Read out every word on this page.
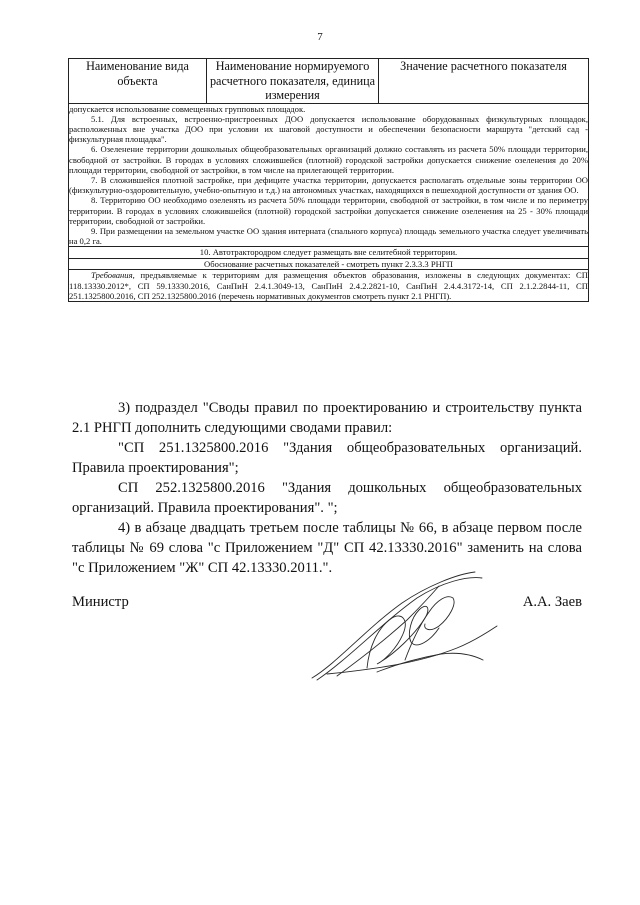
7
Наименование вида объекта	Наименование нормируемого расчетного показателя, единица измерения	Значение расчетного показателя

допускается использование совмещенных групповых площадок.

5.1. Для встроенных, встроенно-пристроенных ДОО допускается использование оборудованных физкультурных площадок, расположенных вне участка ДОО при условии их шаговой доступности и обеспечении безопасности маршрута "детский сад - физкультурная площадка".

6. Озеленение территории дошкольных общеобразовательных организаций должно составлять из расчета 50% площади территории, свободной от застройки. В городах в условиях сложившейся (плотной) городской застройки допускается снижение озеленения до 20% площади территории, свободной от застройки, в том числе на прилегающей территории.

7. В сложившейся плотной застройке, при дефиците участка территории, допускается располагать отдельные зоны территории ОО (физкультурно-оздоровительную, учебно-опытную и т.д.) на автономных участках, находящихся в пешеходной доступности от здания ОО.

8. Территорию ОО необходимо озеленять из расчета 50% площади территории, свободной от застройки, в том числе и по периметру территории. В городах в условиях сложившейся (плотной) городской застройки допускается снижение озеленения на 25 - 30% площади территории, свободной от застройки.

9. При размещении на земельном участке ОО здания интерната (спального корпуса) площадь земельного участка следует увеличивать на 0,2 га.

10. Автотрактородром следует размещать вне селитебной территории.
Обоснование расчетных показателей - смотреть пункт 2.3.3.3 РНГП

Требования, предъявляемые к территориям для размещения объектов образования, изложены в следующих документах: СП 118.13330.2012*, СП 59.13330.2016, СанПиН 2.4.1.3049-13, СанПиН 2.4.2.2821-10, СанПиН 2.4.4.3172-14, СП 2.1.2.2844-11, СП 251.1325800.2016, СП 252.1325800.2016 (перечень нормативных документов смотреть пункт 2.1 РНГП).

3) подраздел "Своды правил по проектированию и строительству пункта 2.1 РНГП дополнить следующими сводами правил:

"СП 251.1325800.2016 "Здания общеобразовательных организаций. Правила проектирования";

СП 252.1325800.2016 "Здания дошкольных общеобразовательных организаций. Правила проектирования". ";

4) в абзаце двадцать третьем после таблицы № 66, в абзаце первом после таблицы № 69 слова "с Приложением "Д" СП 42.13330.2016" заменить на слова "с Приложением "Ж" СП 42.13330.2011.".

Министр	А.А. Заев
